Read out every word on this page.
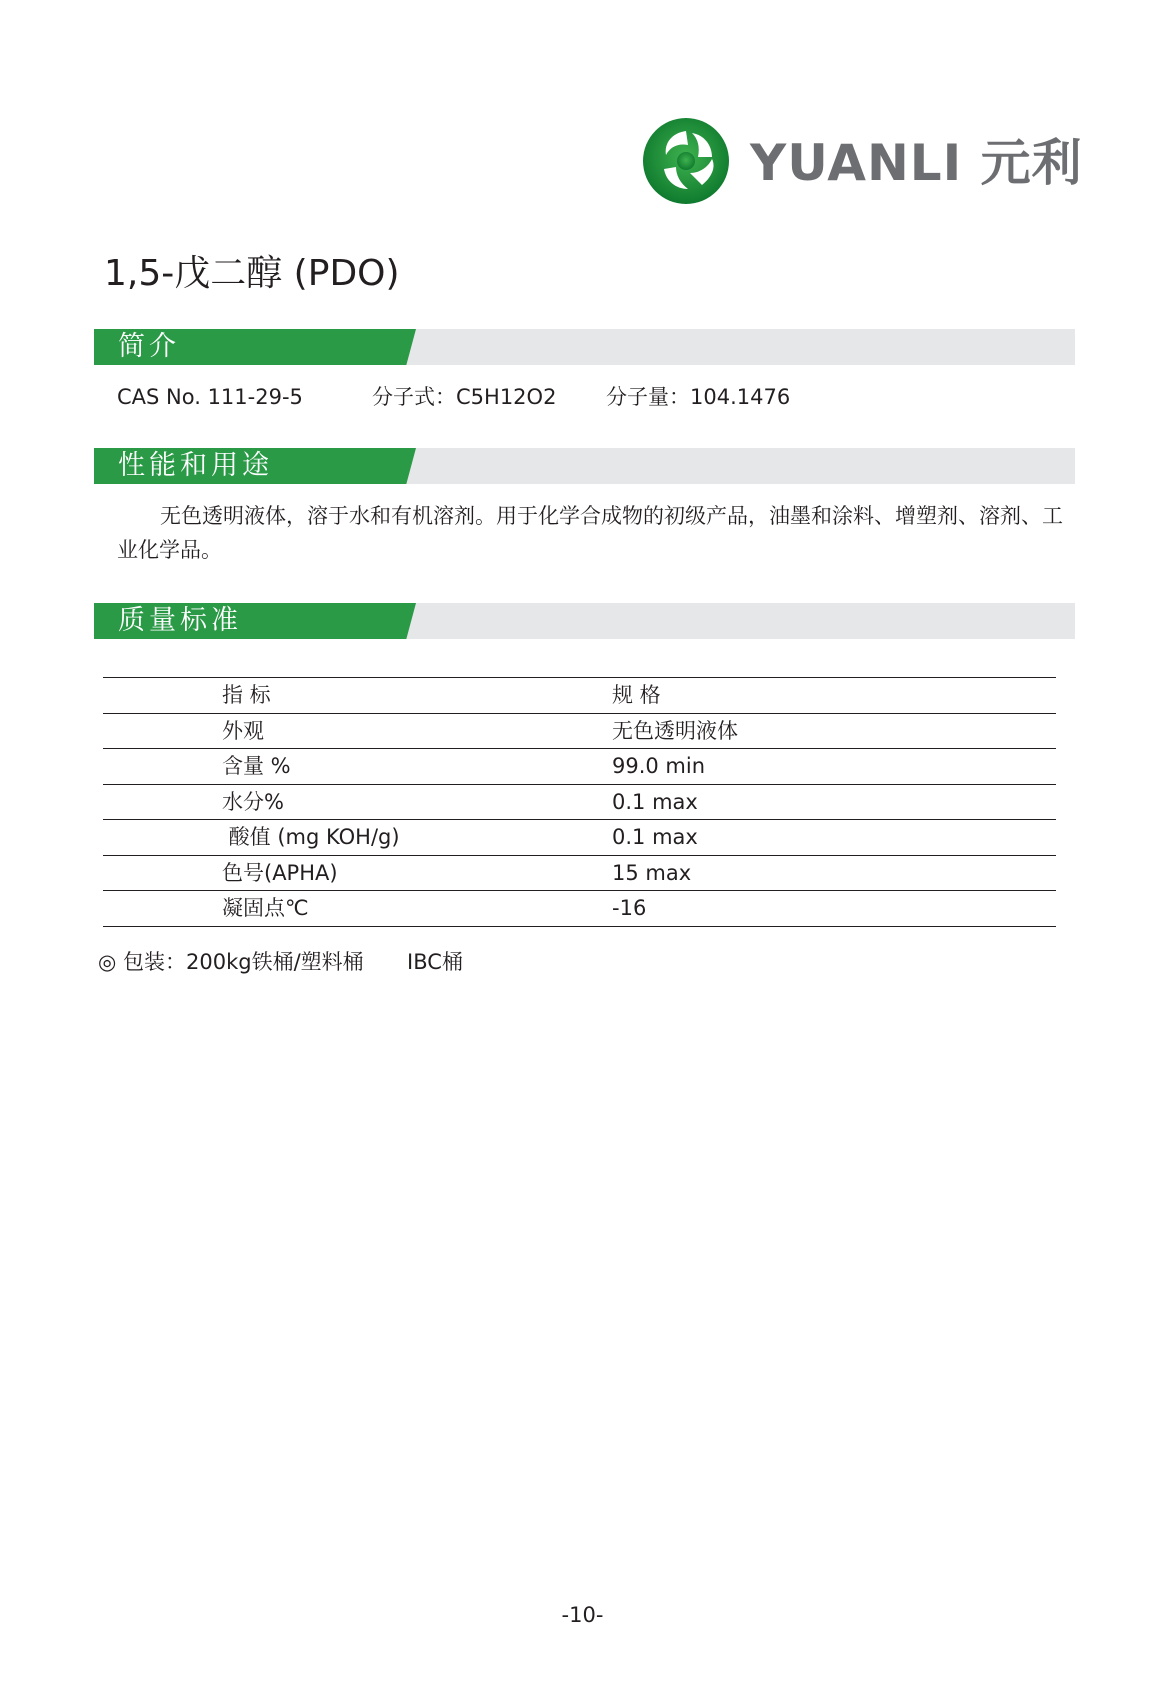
YUANLI 元利
1,5-戊二醇 (PDO)
简介
CAS No. 111-29-5	分子式：C5H12O2 分子量：104.1476
性能和用途
无色透明液体，溶于水和有机溶剂。用于化学合成物的初级产品，油墨和涂料、增塑剂、溶剂、工业化学品。
质量标准
指 标	规 格
外观	无色透明液体
含量 %	99.0 min
水分%	0.1 max
酸值 (mg KOH/g)	0.1 max
色号(APHA)	15 max
凝固点℃	-16
◎ 包装：200kg铁桶/塑料桶 IBC桶
-10-
